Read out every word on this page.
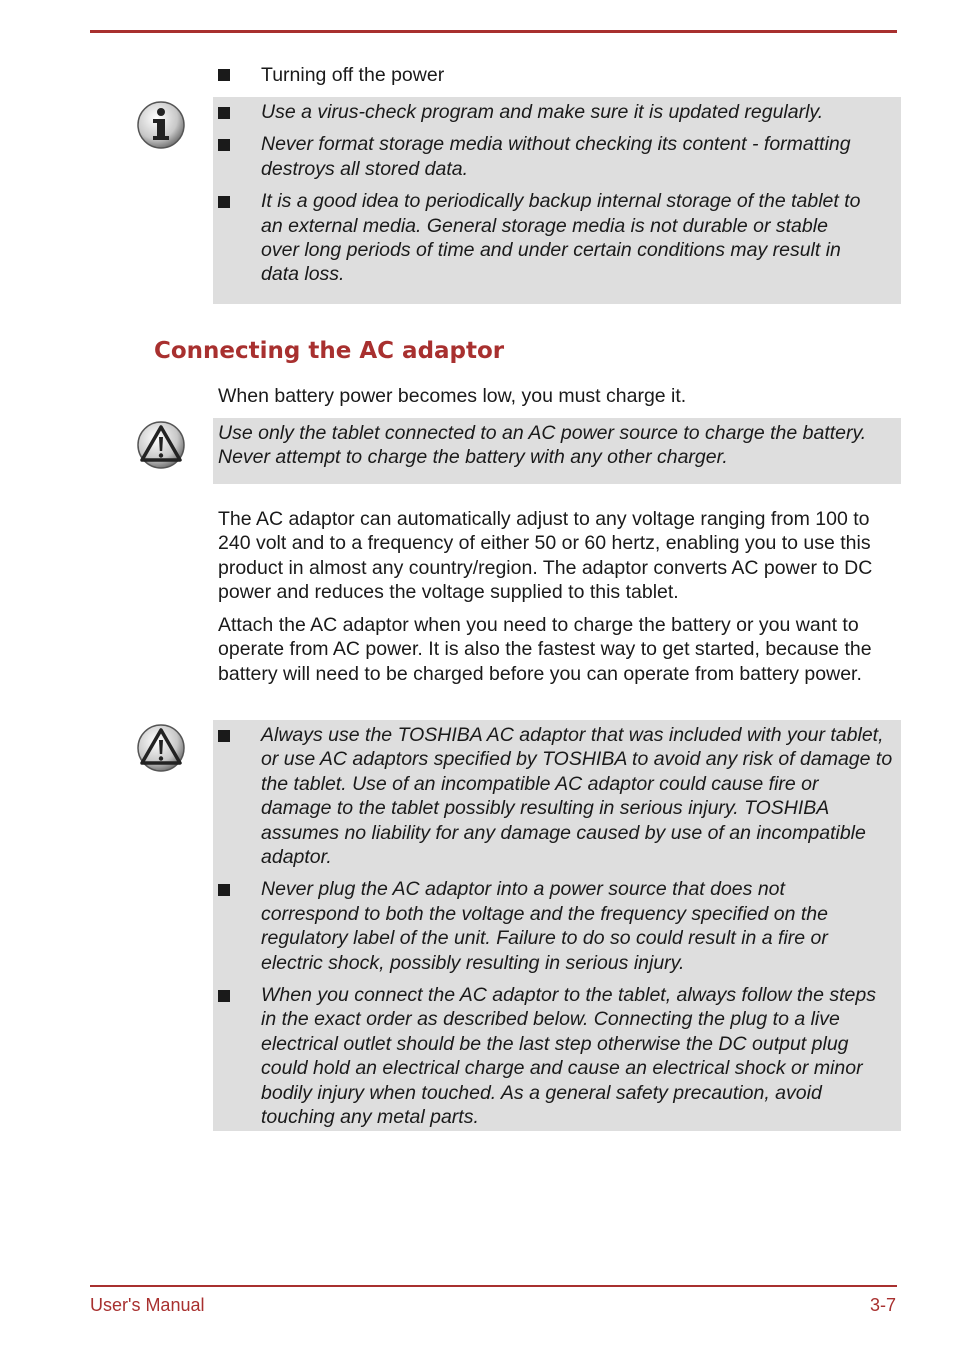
Turning off the power
Use a virus-check program and make sure it is updated regularly.
Never format storage media without checking its content - formatting destroys all stored data.
It is a good idea to periodically backup internal storage of the tablet to an external media. General storage media is not durable or stable over long periods of time and under certain conditions may result in data loss.
Connecting the AC adaptor
When battery power becomes low, you must charge it.
Use only the tablet connected to an AC power source to charge the battery. Never attempt to charge the battery with any other charger.
The AC adaptor can automatically adjust to any voltage ranging from 100 to 240 volt and to a frequency of either 50 or 60 hertz, enabling you to use this product in almost any country/region. The adaptor converts AC power to DC power and reduces the voltage supplied to this tablet.
Attach the AC adaptor when you need to charge the battery or you want to operate from AC power. It is also the fastest way to get started, because the battery will need to be charged before you can operate from battery power.
Always use the TOSHIBA AC adaptor that was included with your tablet, or use AC adaptors specified by TOSHIBA to avoid any risk of damage to the tablet. Use of an incompatible AC adaptor could cause fire or damage to the tablet possibly resulting in serious injury. TOSHIBA assumes no liability for any damage caused by use of an incompatible adaptor.
Never plug the AC adaptor into a power source that does not correspond to both the voltage and the frequency specified on the regulatory label of the unit. Failure to do so could result in a fire or electric shock, possibly resulting in serious injury.
When you connect the AC adaptor to the tablet, always follow the steps in the exact order as described below. Connecting the plug to a live electrical outlet should be the last step otherwise the DC output plug could hold an electrical charge and cause an electrical shock or minor bodily injury when touched. As a general safety precaution, avoid touching any metal parts.
User's Manual	3-7
